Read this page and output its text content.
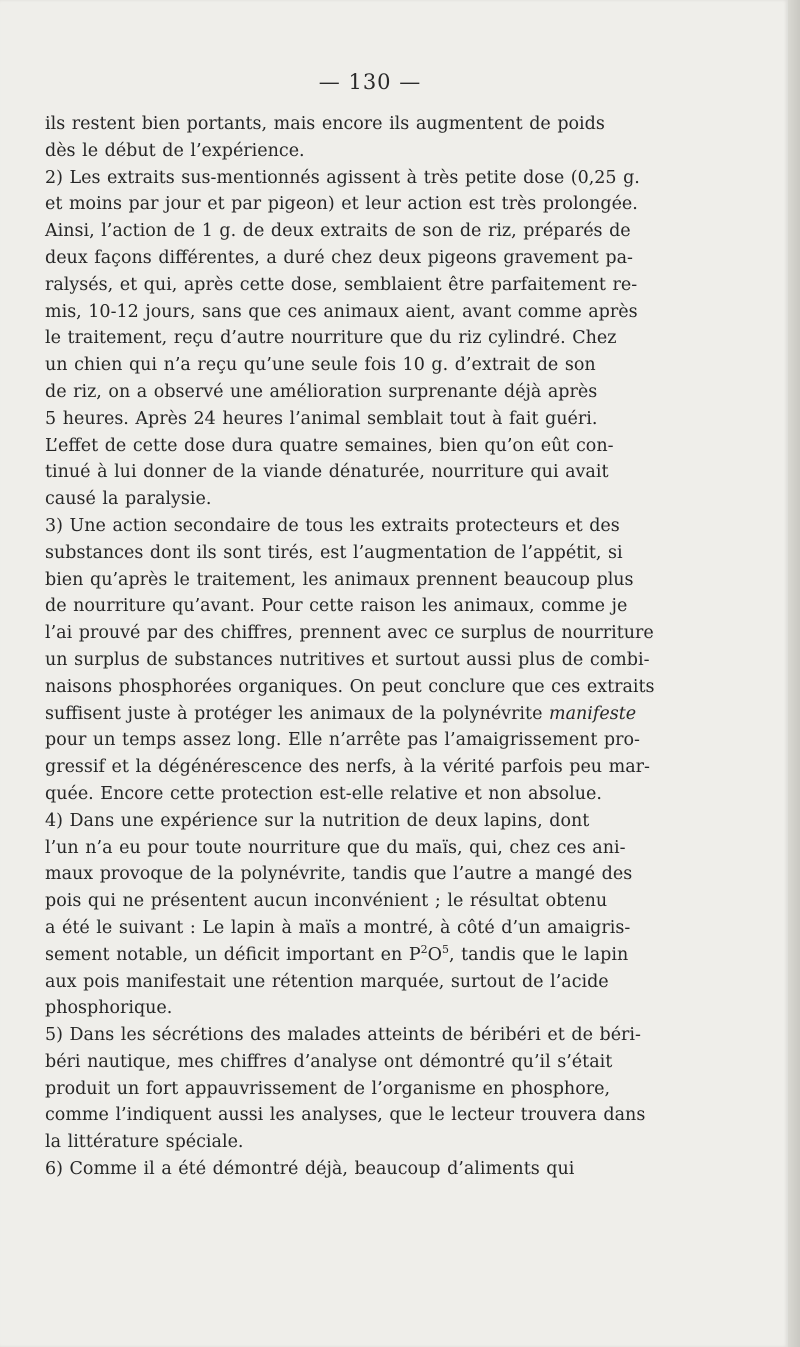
— 130 —

ils restent bien portants, mais encore ils augmentent de poids
dès le début de l’expérience.

2) Les extraits sus-mentionnés agissent à très petite dose (0,25 g.
et moins par jour et par pigeon) et leur action est très prolongée.
Ainsi, l’action de 1 g. de deux extraits de son de riz, préparés de
deux façons différentes, a duré chez deux pigeons gravement pa-
ralysés, et qui, après cette dose, semblaient être parfaitement re-
mis, 10-12 jours, sans que ces animaux aient, avant comme après
le traitement, reçu d’autre nourriture que du riz cylindré. Chez
un chien qui n’a reçu qu’une seule fois 10 g. d’extrait de son
de riz, on a observé une amélioration surprenante déjà après
5 heures. Après 24 heures l’animal semblait tout à fait guéri.
L’effet de cette dose dura quatre semaines, bien qu’on eût con-
tinué à lui donner de la viande dénaturée, nourriture qui avait
causé la paralysie.

3) Une action secondaire de tous les extraits protecteurs et des
substances dont ils sont tirés, est l’augmentation de l’appétit, si
bien qu’après le traitement, les animaux prennent beaucoup plus
de nourriture qu’avant. Pour cette raison les animaux, comme je
l’ai prouvé par des chiffres, prennent avec ce surplus de nourriture
un surplus de substances nutritives et surtout aussi plus de combi-
naisons phosphorées organiques. On peut conclure que ces extraits
suffisent juste à protéger les animaux de la polynévrite manifeste
pour un temps assez long. Elle n’arrête pas l’amaigrissement pro-
gressif et la dégénérescence des nerfs, à la vérité parfois peu mar-
quée. Encore cette protection est-elle relative et non absolue.

4) Dans une expérience sur la nutrition de deux lapins, dont
l’un n’a eu pour toute nourriture que du maïs, qui, chez ces ani-
maux provoque de la polynévrite, tandis que l’autre a mangé des
pois qui ne présentent aucun inconvénient ; le résultat obtenu
a été le suivant : Le lapin à maïs a montré, à côté d’un amaigris-
sement notable, un déficit important en $P^2O^5$, tandis que le lapin
aux pois manifestait une rétention marquée, surtout de l’acide
phosphorique.

5) Dans les sécrétions des malades atteints de béribéri et de béri-
béri nautique, mes chiffres d’analyse ont démontré qu’il s’était
produit un fort appauvrissement de l’organisme en phosphore,
comme l’indiquent aussi les analyses, que le lecteur trouvera dans
la littérature spéciale.

6) Comme il a été démontré déjà, beaucoup d’aliments qui
